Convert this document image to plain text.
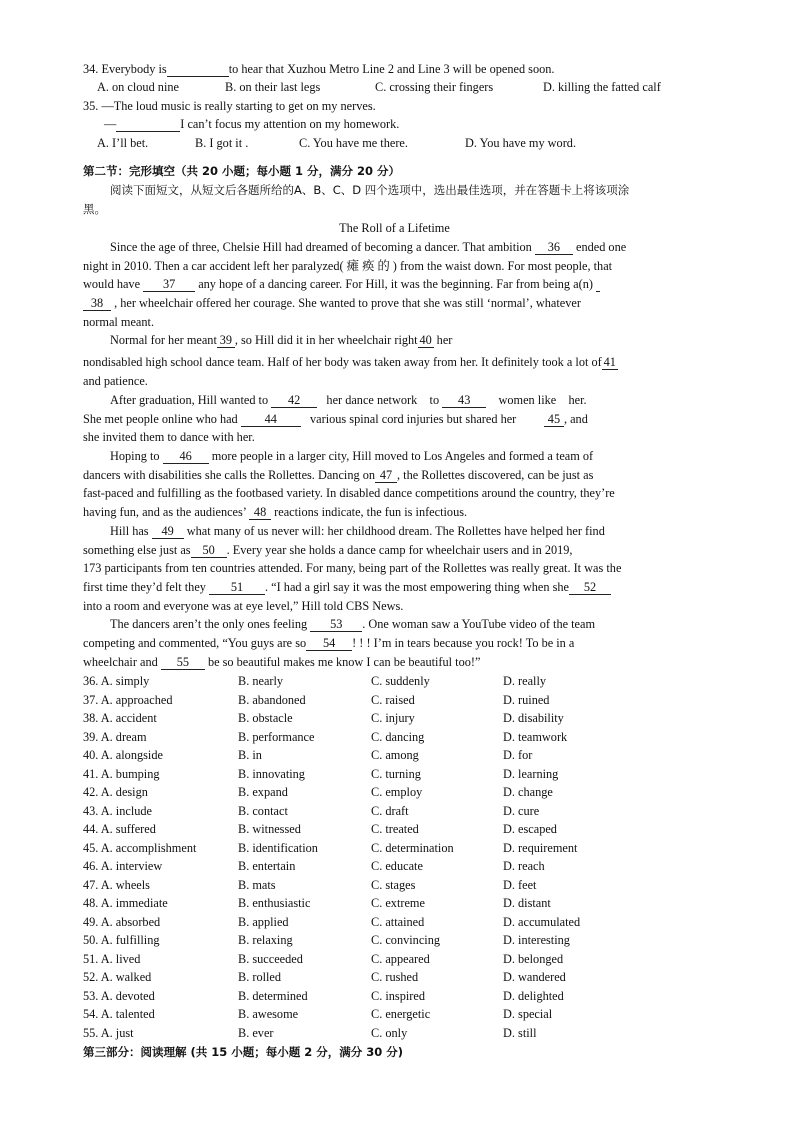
34. Everybody is	to hear that Xuzhou Metro Line 2 and Line 3 will be opened soon.
A. on cloud nine	B. on their last legs	C. crossing their fingers	D. killing the fatted calf
35. —The loud music is really starting to get on my nerves.
—	I can’t focus my attention on my homework.
A. I’ll bet.	B. I got it .	C. You have me there.	D. You have my word.
第二节：完形填空（共 20 小题；每小题 1 分，满分 20 分）
阅读下面短文，从短文后各题所给的A、B、C、D 四个选项中，选出最佳选项，并在答题卡上将该项涂
黑。
The Roll of a Lifetime
Since the age of three, Chelsie Hill had dreamed of becoming a dancer. That ambition 36 ended one
night in 2010. Then a car accident left her paralyzed( 瘫 痪 的 ) from the waist down. For most people, that
would have 37 any hope of a dancing career. For Hill, it was the beginning. Far from being a(n)
38 , her wheelchair offered her courage. She wanted to prove that she was still ‘normal’, whatever
normal meant.
Normal for her meant 39 , so Hill did it in her wheelchair right 40 her
nondisabled high school dance team. Half of her body was taken away from her. It definitely took a lot of 41
and patience.
After graduation, Hill wanted to 42 her dance network to 43 women like her.
She met people online who had 44	various spinal cord injuries but shared her	45 , and
she invited them to dance with her.
Hoping to 46 more people in a larger city, Hill moved to Los Angeles and formed a team of
dancers with disabilities she calls the Rollettes. Dancing on 47 , the Rollettes discovered, can be just as
fast-paced and fulfilling as the footbased variety. In disabled dance competitions around the country, they’re
having fun, and as the audiences’ 48 reactions indicate, the fun is infectious.
Hill has 49 what many of us never will: her childhood dream. The Rollettes have helped her find
something else just as 50 . Every year she holds a dance camp for wheelchair users and in 2019,
173 participants from ten countries attended. For many, being part of the Rollettes was really great. It was the
first time they’d felt they 51 . “I had a girl say it was the most empowering thing when she 52
into a room and everyone was at eye level,” Hill told CBS News.
The dancers aren’t the only ones feeling 53 . One woman saw a YouTube video of the team
competing and commented, “You guys are so 54 ! ! ! I’m in tears because you rock! To be in a
wheelchair and 55 be so beautiful makes me know I can be beautiful too!”
36. A. simply	B. nearly	C. suddenly	D. really
37. A. approached	B. abandoned	C. raised	D. ruined
38. A. accident	B. obstacle	C. injury	D. disability
39. A. dream	B. performance	C. dancing	D. teamwork
40. A. alongside	B. in	C. among	D. for
41. A. bumping	B. innovating	C. turning	D. learning
42. A. design	B. expand	C. employ	D. change
43. A. include	B. contact	C. draft	D. cure
44. A. suffered	B. witnessed	C. treated	D. escaped
45. A. accomplishment	B. identification	C. determination	D. requirement
46. A. interview	B. entertain	C. educate	D. reach
47. A. wheels	B. mats	C. stages	D. feet
48. A. immediate	B. enthusiastic	C. extreme	D. distant
49. A. absorbed	B. applied	C. attained	D. accumulated
50. A. fulfilling	B. relaxing	C. convincing	D. interesting
51. A. lived	B. succeeded	C. appeared	D. belonged
52. A. walked	B. rolled	C. rushed	D. wandered
53. A. devoted	B. determined	C. inspired	D. delighted
54. A. talented	B. awesome	C. energetic	D. special
55. A. just	B. ever	C. only	D. still
第三部分：阅读理解 (共 15 小题；每小题 2 分，满分 30 分)
